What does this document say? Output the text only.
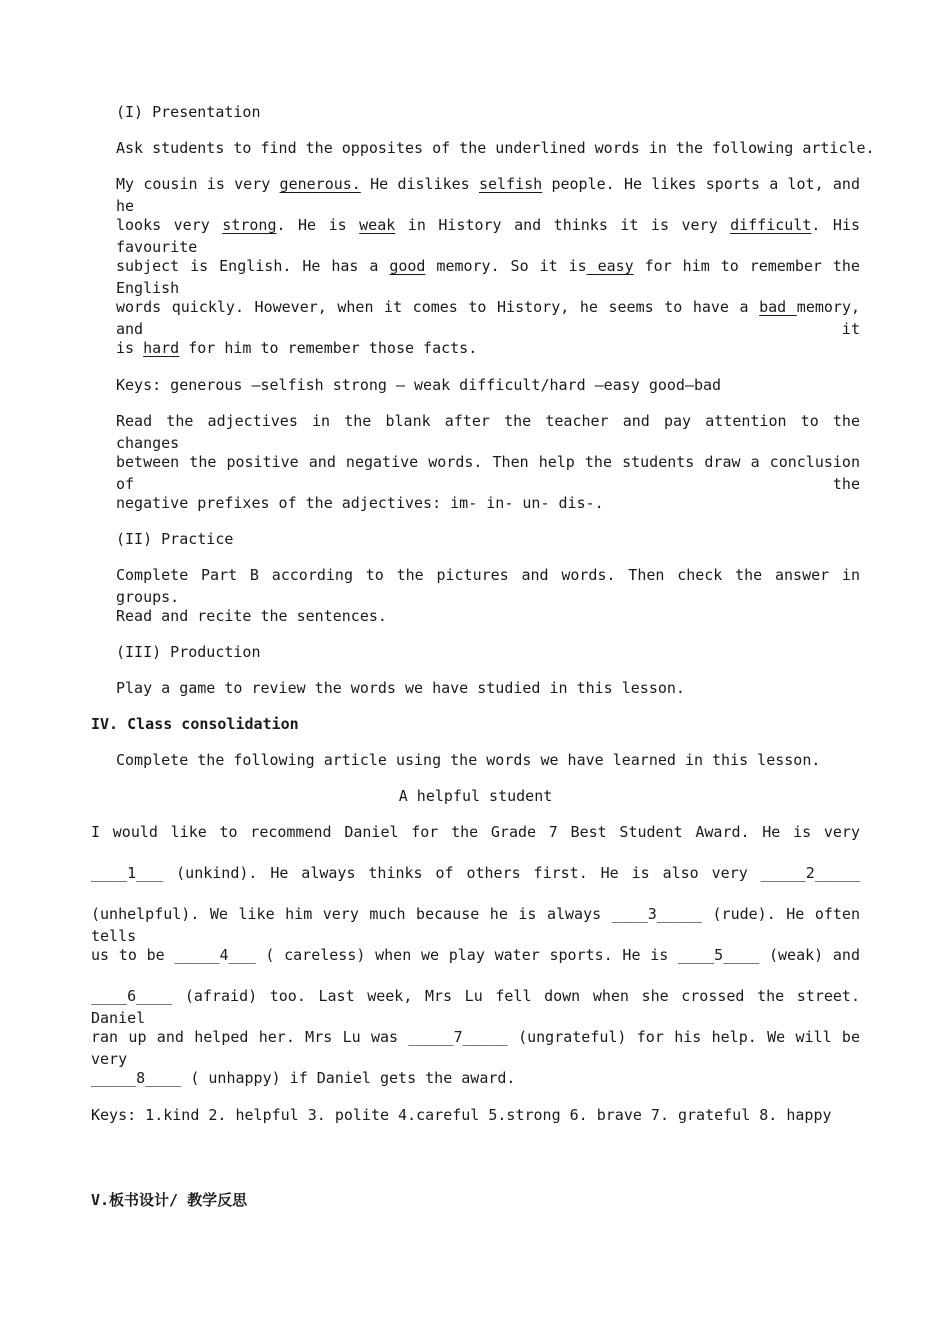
(I) Presentation
Ask students to find the opposites of the underlined words in the following article.
My cousin is very generous. He dislikes selfish people. He likes sports a lot, and he
looks very strong. He is weak in History and thinks it is very difficult. His favourite
subject is English. He has a good memory. So it is easy for him to remember the English
words quickly. However, when it comes to History, he seems to have a bad memory, and it
is hard for him to remember those facts.
Keys: generous —selfish strong — weak difficult/hard —easy good—bad
Read the adjectives in the blank after the teacher and pay attention to the changes
between the positive and negative words. Then help the students draw a conclusion of the
negative prefixes of the adjectives: im- in- un- dis-.
(II) Practice
Complete Part B according to the pictures and words. Then check the answer in groups.
Read and recite the sentences.
(III) Production
Play a game to review the words we have studied in this lesson.
IV. Class consolidation
Complete the following article using the words we have learned in this lesson.
A helpful student
I would like to recommend Daniel for the Grade 7 Best Student Award. He is very
____1___ (unkind). He always thinks of others first. He is also very _____2_____
(unhelpful). We like him very much because he is always ____3_____ (rude). He often tells
us to be _____4___ ( careless) when we play water sports. He is ____5____ (weak) and
____6____ (afraid) too. Last week, Mrs Lu fell down when she crossed the street. Daniel
ran up and helped her. Mrs Lu was _____7_____ (ungrateful) for his help. We will be very
_____8____ ( unhappy) if Daniel gets the award.
Keys: 1.kind 2. helpful 3. polite 4.careful 5.strong 6. brave 7. grateful 8. happy
V.板书设计/ 教学反思
